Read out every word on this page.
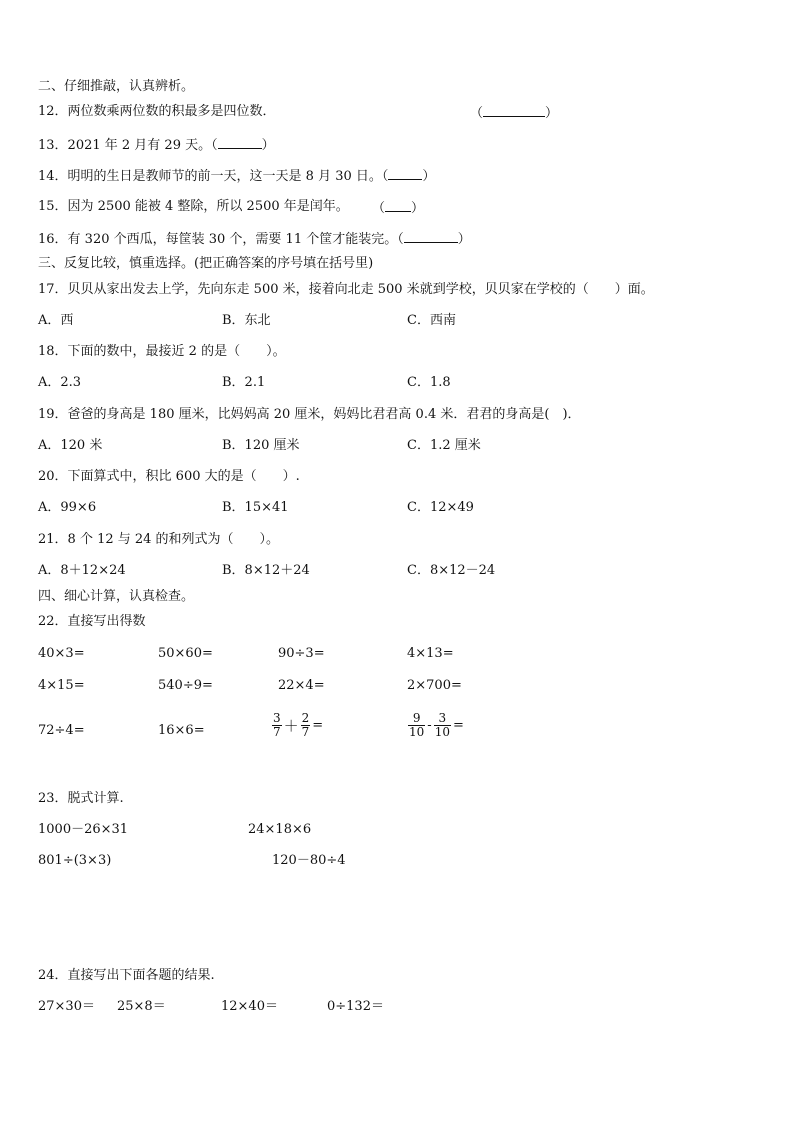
二、仔细推敲，认真辨析。
12．两位数乘两位数的积最多是四位数．	（	）
13．2021 年 2 月有 29 天。（	）
14．明明的生日是教师节的前一天，这一天是 8 月 30 日。（	）
15．因为 2500 能被 4 整除，所以 2500 年是闰年。 （ ）
16．有 320 个西瓜，每筐装 30 个，需要 11 个筐才能装完。（	）
三、反复比较，慎重选择。(把正确答案的序号填在括号里)
17．贝贝从家出发去上学，先向东走 500 米，接着向北走 500 米就到学校，贝贝家在学校的（　　）面。
A．西	B．东北	C．西南
18．下面的数中，最接近 2 的是（　　）。
A．2.3	B．2.1	C．1.8
19．爸爸的身高是 180 厘米，比妈妈高 20 厘米，妈妈比君君高 0.4 米．君君的身高是(　)．
A．120 米	B．120 厘米	C．1.2 厘米
20．下面算式中，积比 600 大的是（　　）.
A．99×6	B．15×41	C．12×49
21．8 个 12 与 24 的和列式为（　　）。
A．8＋12×24	B．8×12＋24	C．8×12－24
四、细心计算，认真检查。
22．直接写出得数
40×3=	50×60=	90÷3=	4×13=
4×15=	540÷9=	22×4=	2×700=
72÷4=	16×6=	$\frac{3}{7} + \frac{2}{7}$ =	$\frac{9}{10} - \frac{3}{10}$ =
23．脱式计算.
1000－26×31	24×18×6
801÷(3×3)	120－80÷4
24．直接写出下面各题的结果.
27×30＝ 25×8＝	12×40＝	0÷132＝
